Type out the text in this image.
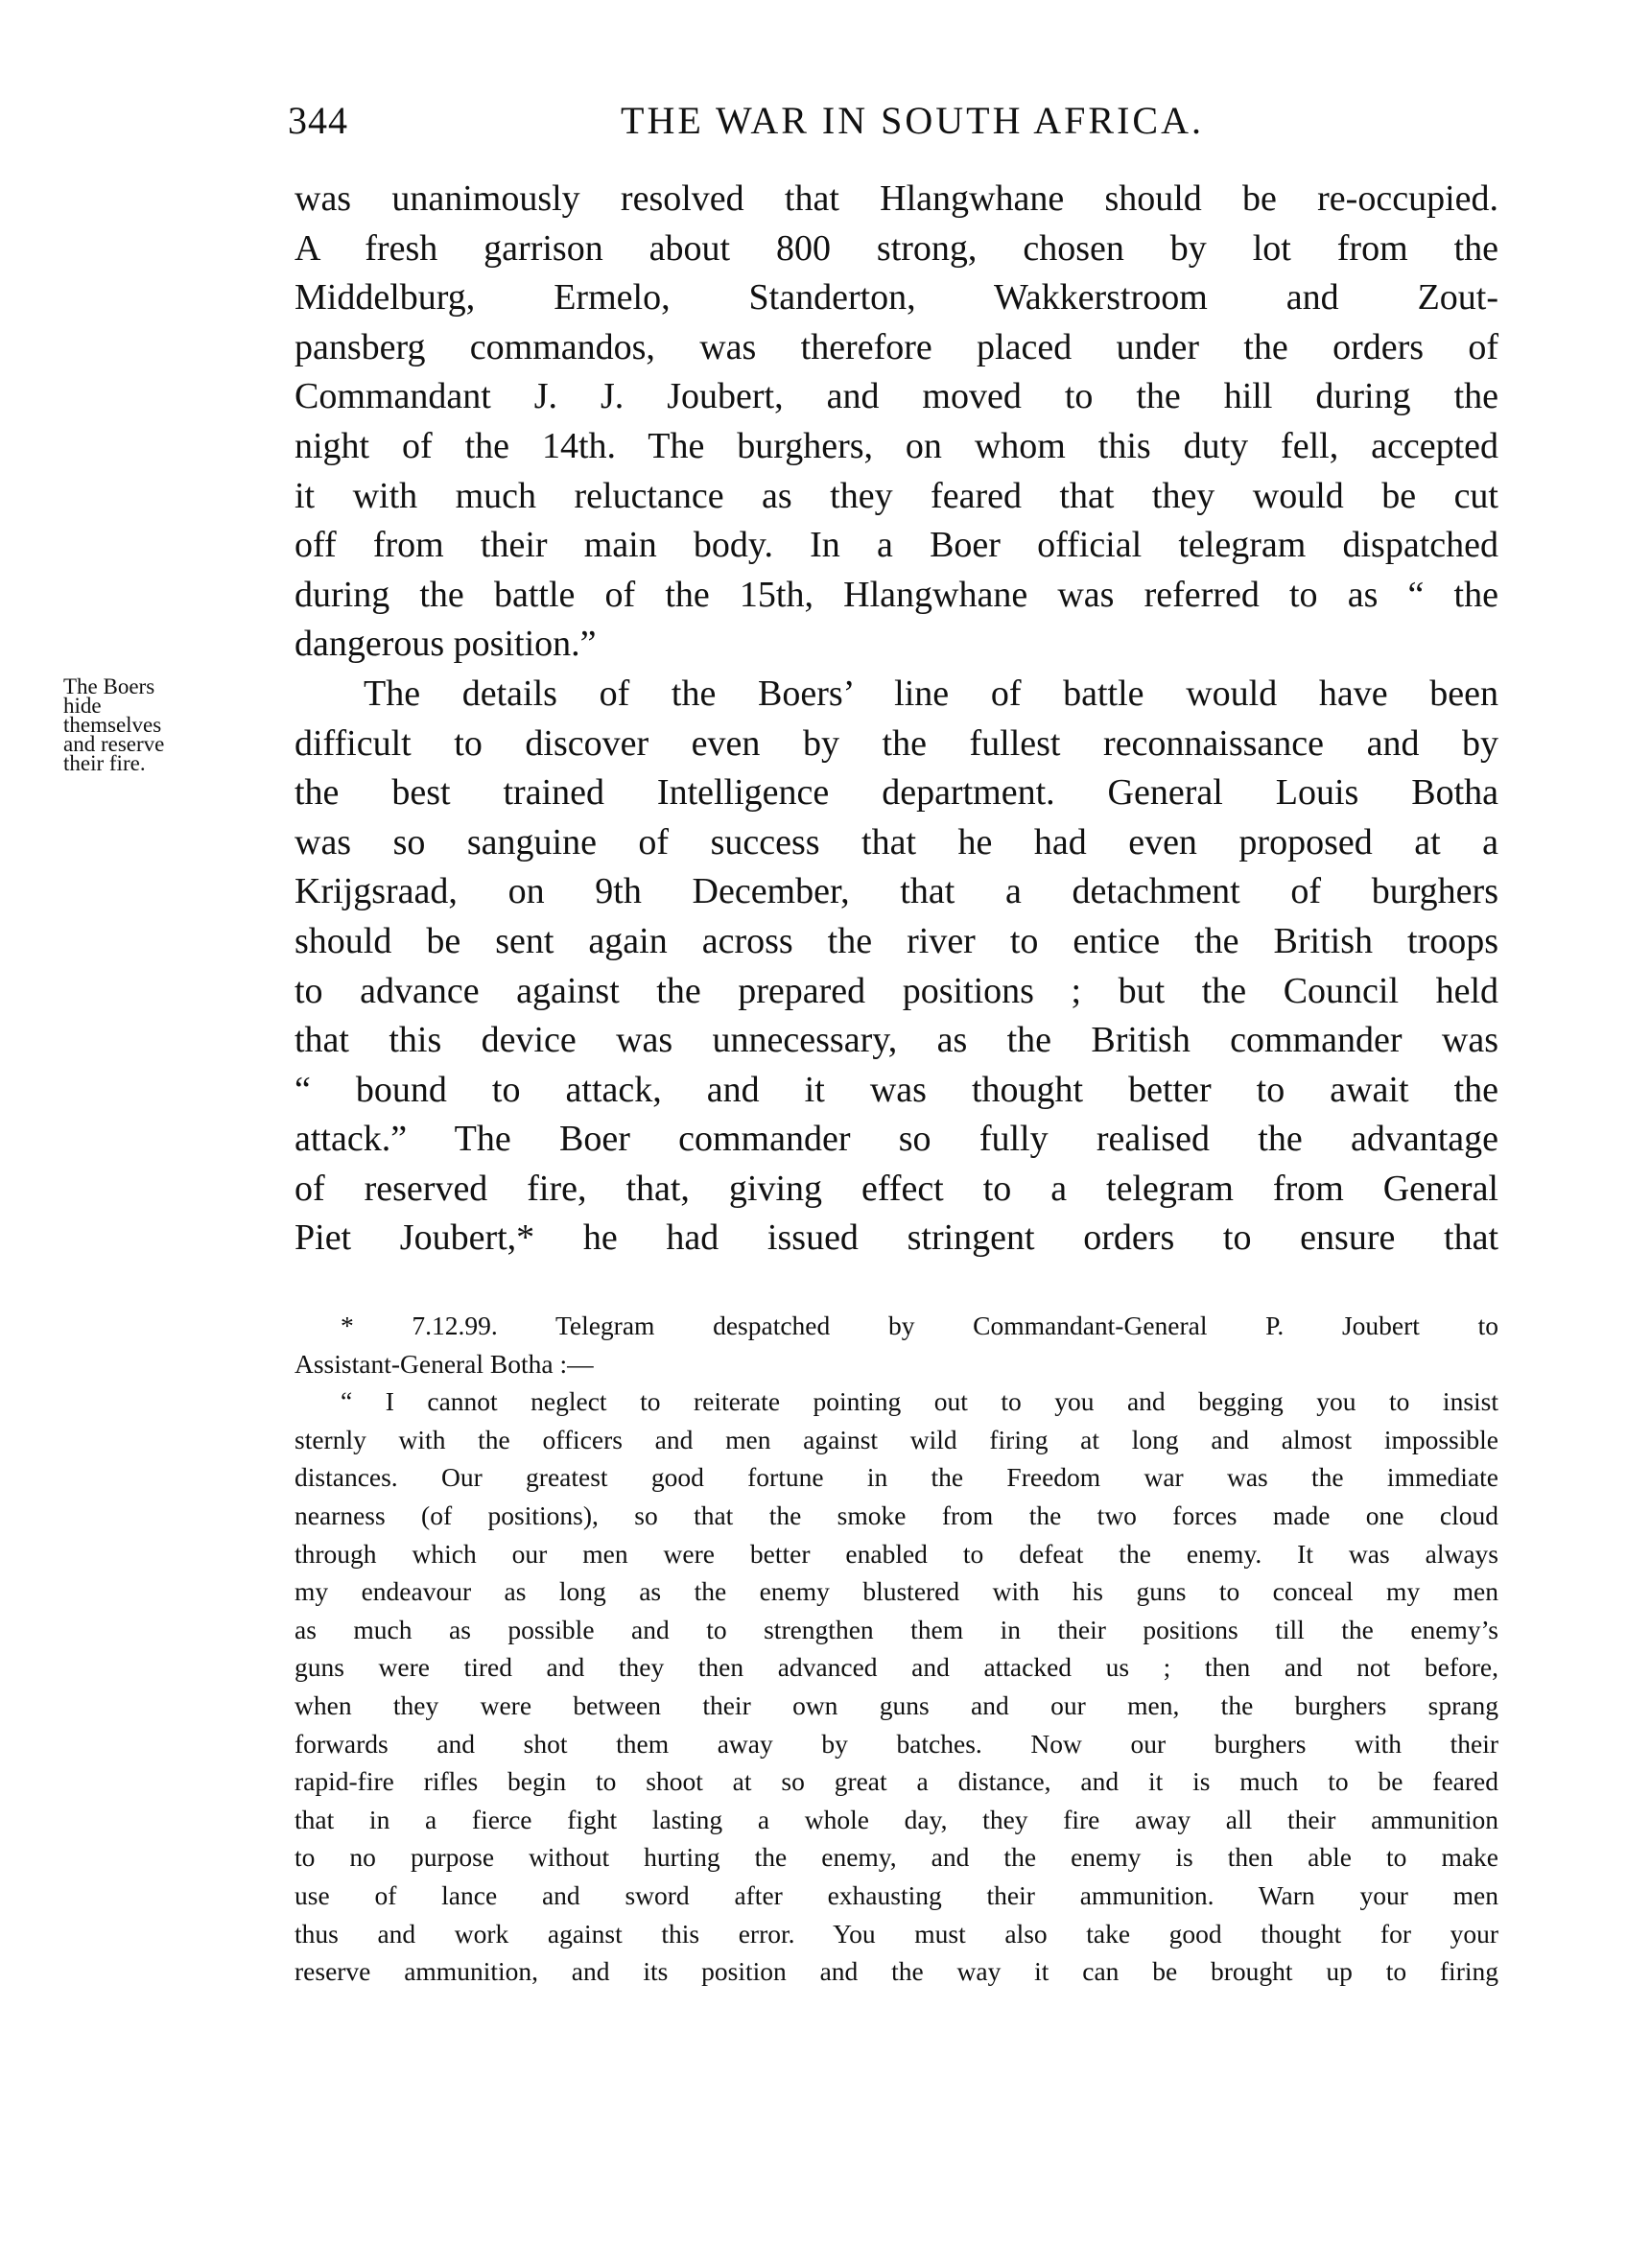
344	THE WAR IN SOUTH AFRICA.
The Boers
hide
themselves
and reserve
their fire.
was unanimously resolved that Hlangwhane should be re-occupied.
A fresh garrison about 800 strong, chosen by lot from the
Middelburg, Ermelo, Standerton, Wakkerstroom and Zout-
pansberg commandos, was therefore placed under the orders of
Commandant J. J. Joubert, and moved to the hill during the
night of the 14th. The burghers, on whom this duty fell, accepted
it with much reluctance as they feared that they would be cut
off from their main body. In a Boer official telegram dispatched
during the battle of the 15th, Hlangwhane was referred to as “ the
dangerous position.”
The details of the Boers’ line of battle would have been
difficult to discover even by the fullest reconnaissance and by
the best trained Intelligence department. General Louis Botha
was so sanguine of success that he had even proposed at a
Krijgsraad, on 9th December, that a detachment of burghers
should be sent again across the river to entice the British troops
to advance against the prepared positions ; but the Council held
that this device was unnecessary, as the British commander was
“ bound to attack, and it was thought better to await the
attack.” The Boer commander so fully realised the advantage
of reserved fire, that, giving effect to a telegram from General
Piet Joubert,* he had issued stringent orders to ensure that
* 7.12.99. Telegram despatched by Commandant-General P. Joubert to
Assistant-General Botha :—
“ I cannot neglect to reiterate pointing out to you and begging you to insist
sternly with the officers and men against wild firing at long and almost impossible
distances. Our greatest good fortune in the Freedom war was the immediate
nearness (of positions), so that the smoke from the two forces made one cloud
through which our men were better enabled to defeat the enemy. It was always
my endeavour as long as the enemy blustered with his guns to conceal my men
as much as possible and to strengthen them in their positions till the enemy’s
guns were tired and they then advanced and attacked us ; then and not before,
when they were between their own guns and our men, the burghers sprang
forwards and shot them away by batches. Now our burghers with their
rapid-fire rifles begin to shoot at so great a distance, and it is much to be feared
that in a fierce fight lasting a whole day, they fire away all their ammunition
to no purpose without hurting the enemy, and the enemy is then able to make
use of lance and sword after exhausting their ammunition. Warn your men
thus and work against this error. You must also take good thought for your
reserve ammunition, and its position and the way it can be brought up to firing
